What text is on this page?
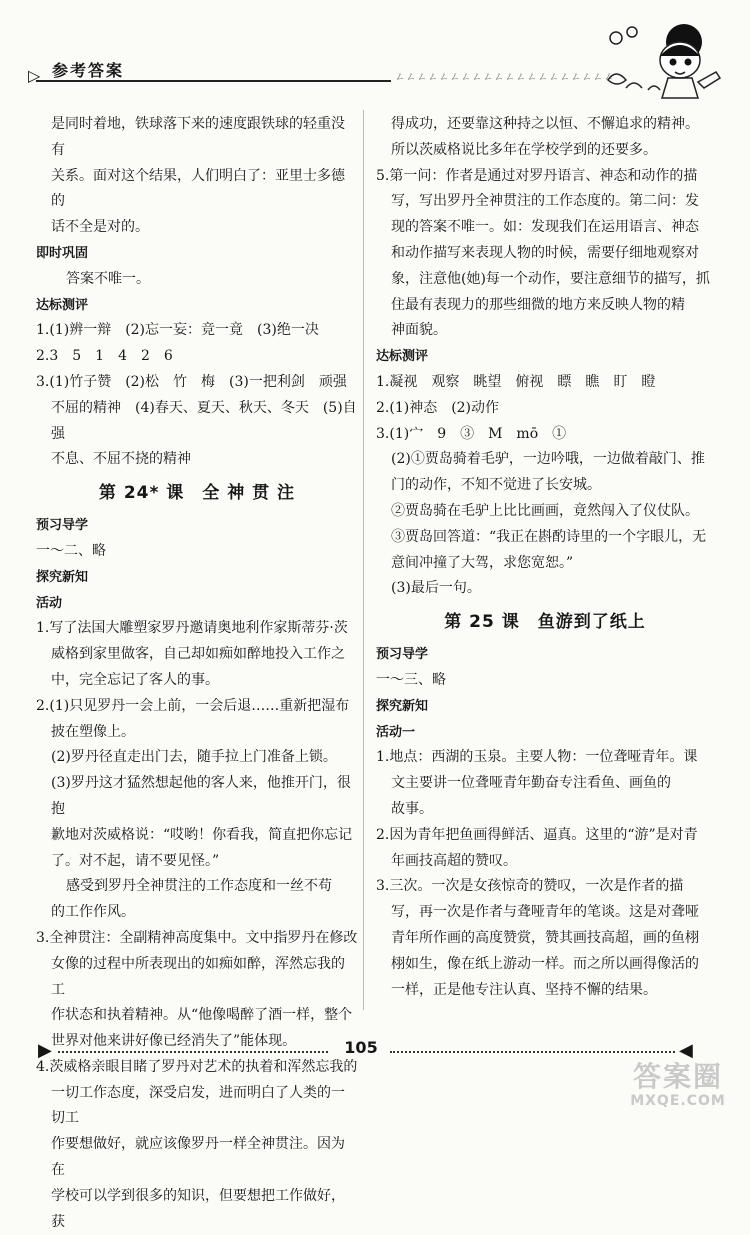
▷ 参考答案	ㄥㄥㄥㄥㄥㄥㄥㄥㄥㄥㄥㄥㄥㄥㄥㄥㄥㄥㄥㄥ
是同时着地，铁球落下来的速度跟铁球的轻重没有
关系。面对这个结果，人们明白了：亚里士多德的
话不全是对的。
即时巩固
答案不唯一。
达标测评
1.(1)辨一辩　(2)忘一妄：竞一竟　(3)绝一决
2.3　5　1　4　2　6
3.(1)竹子赞　(2)松　竹　梅　(3)一把利剑　顽强
不屈的精神　(4)春天、夏天、秋天、冬天　(5)自强
不息、不屈不挠的精神
第 24* 课　全 神 贯 注
预习导学
一～二、略
探究新知
活动
1.写了法国大雕塑家罗丹邀请奥地利作家斯蒂芬·茨
威格到家里做客，自己却如痴如醉地投入工作之
中，完全忘记了客人的事。
2.(1)只见罗丹一会上前，一会后退……重新把湿布
披在塑像上。
(2)罗丹径直走出门去，随手拉上门准备上锁。
(3)罗丹这才猛然想起他的客人来，他推开门，很抱
歉地对茨威格说：“哎哟！你看我，简直把你忘记
了。对不起，请不要见怪。”
感受到罗丹全神贯注的工作态度和一丝不苟
的工作作风。
3.全神贯注：全副精神高度集中。文中指罗丹在修改
女像的过程中所表现出的如痴如醉，浑然忘我的工
作状态和执着精神。从“他像喝醉了酒一样，整个
世界对他来讲好像已经消失了”能体现。
4.茨威格亲眼目睹了罗丹对艺术的执着和浑然忘我的
一切工作态度，深受启发，进而明白了人类的一切工
作要想做好，就应该像罗丹一样全神贯注。因为在
学校可以学到很多的知识，但要想把工作做好，获
得成功，还要靠这种持之以恒、不懈追求的精神。
所以茨威格说比多年在学校学到的还要多。
5.第一问：作者是通过对罗丹语言、神态和动作的描
写，写出罗丹全神贯注的工作态度的。第二问：发
现的答案不唯一。如：发现我们在运用语言、神态
和动作描写来表现人物的时候，需要仔细地观察对
象，注意他(她)每一个动作，要注意细节的描写，抓
住最有表现力的那些细微的地方来反映人物的精
神面貌。
达标测评
1.凝视　观察　眺望　俯视　瞟　瞧　盯　瞪
2.(1)神态　(2)动作
3.(1)宀　9　③　M　mō　①
(2)①贾岛骑着毛驴，一边吟哦，一边做着敲门、推
门的动作，不知不觉进了长安城。
②贾岛骑在毛驴上比比画画，竟然闯入了仪仗队。
③贾岛回答道：“我正在斟酌诗里的一个字眼儿，无
意间冲撞了大驾，求您宽恕。”
(3)最后一句。
第 25 课　鱼游到了纸上
预习导学
一～三、略
探究新知
活动一
1.地点：西湖的玉泉。主要人物：一位聋哑青年。课
文主要讲一位聋哑青年勤奋专注看鱼、画鱼的
故事。
2.因为青年把鱼画得鲜活、逼真。这里的“游”是对青
年画技高超的赞叹。
3.三次。一次是女孩惊奇的赞叹，一次是作者的描
写，再一次是作者与聋哑青年的笔谈。这是对聋哑
青年所作画的高度赞赏，赞其画技高超，画的鱼栩
栩如生，像在纸上游动一样。而之所以画得像活的
一样，正是他专注认真、坚持不懈的结果。
▶	105	◀
答案圈
MXQE.COM
